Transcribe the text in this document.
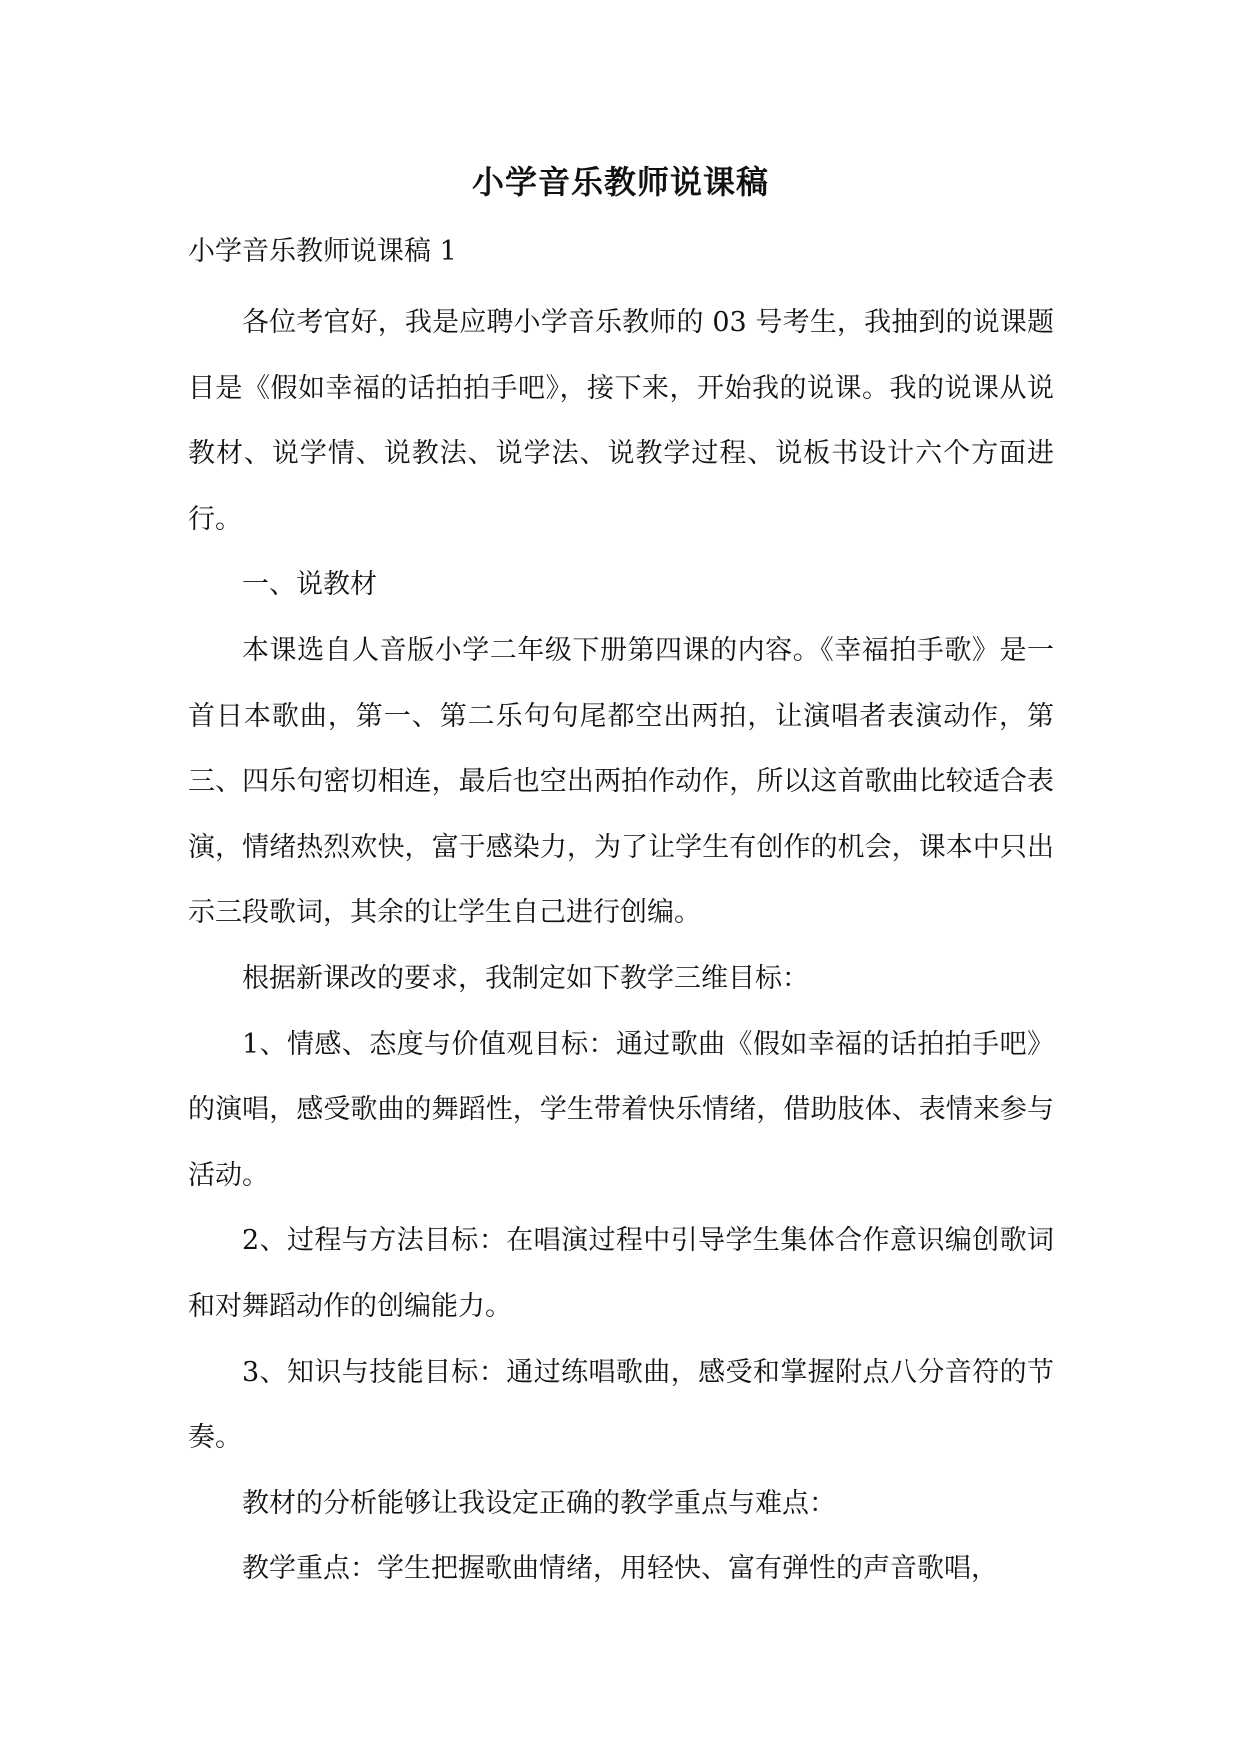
小学音乐教师说课稿
小学音乐教师说课稿 1

各位考官好，我是应聘小学音乐教师的 03 号考生，我抽到的说课题目是《假如幸福的话拍拍手吧》，接下来，开始我的说课。我的说课从说教材、说学情、说教法、说学法、说教学过程、说板书设计六个方面进行。

一、说教材

本课选自人音版小学二年级下册第四课的内容。《幸福拍手歌》是一首日本歌曲，第一、第二乐句句尾都空出两拍，让演唱者表演动作，第三、四乐句密切相连，最后也空出两拍作动作，所以这首歌曲比较适合表演，情绪热烈欢快，富于感染力，为了让学生有创作的机会，课本中只出示三段歌词，其余的让学生自己进行创编。

根据新课改的要求，我制定如下教学三维目标：

1、情感、态度与价值观目标：通过歌曲《假如幸福的话拍拍手吧》的演唱，感受歌曲的舞蹈性，学生带着快乐情绪，借助肢体、表情来参与活动。

2、过程与方法目标：在唱演过程中引导学生集体合作意识编创歌词和对舞蹈动作的创编能力。

3、知识与技能目标：通过练唱歌曲，感受和掌握附点八分音符的节奏。

教材的分析能够让我设定正确的教学重点与难点：

教学重点：学生把握歌曲情绪，用轻快、富有弹性的声音歌唱，
